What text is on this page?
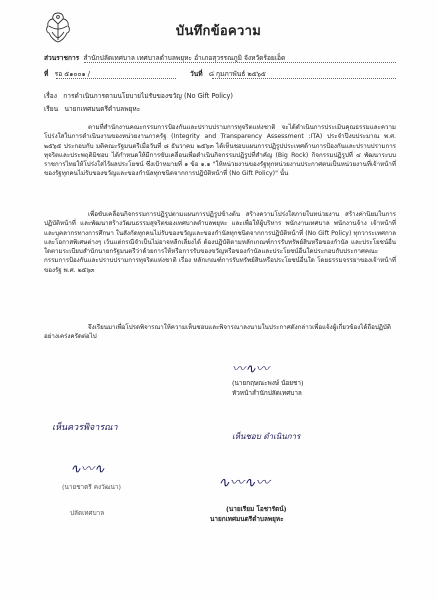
บันทึกข้อความ
ส่วนราชการ สำนักปลัดเทศบาล เทศบาลตำบลพยุหะ อำเภอสุวรรณภูมิ จังหวัดร้อยเอ็ด
ที่ รอ ๕๑๐๐๑ /	วันที่ ๘ กุมภาพันธ์ ๒๕๖๕
เรื่อง การดำเนินการตามนโยบายไม่รับของขวัญ (No Gift Policy)
เรียน นายกเทศมนตรีตำบลพยุหะ

ตามที่สำนักงานคณะกรรมการป้องกันและปราบปรามการทุจริตแห่งชาติ จะได้ดำเนินการประเมินคุณธรรมและความโปร่งใสในการดำเนินงานของหน่วยงานภาครัฐ (Integrity and Transparency Assessment :ITA) ประจำปีงบประมาณ พ.ศ. ๒๕๖๕ ประกอบกับ มติคณะรัฐมนตรีเมื่อวันที่ ๘ ธันวาคม ๒๕๖๓ ได้เห็นชอบแผนการปฏิรูปประเทศด้านการป้องกันและปราบปรามการทุจริตและประพฤติมิชอบ ได้กำหนดให้มีการขับเคลื่อนเพื่อดำเนินกิจกรรมปฏิรูปที่สำคัญ (Big Rock) กิจกรรมปฏิรูปที่ ๔ พัฒนาระบบราชการไทยให้โปร่งใสไร้ผลประโยชน์ ซึ่งเป้าหมายที่ ๑ ข้อ ๑.๑ "ให้หน่วยงานของรัฐทุกหน่วยงานประกาศตนเป็นหน่วยงานที่เจ้าหน้าที่ของรัฐทุกคนไม่รับของขวัญและของกำนัลทุกชนิดจากการปฏิบัติหน้าที่ (No Gift Policy)" นั้น

เพื่อขับเคลื่อนกิจกรรมการปฏิรูปตามแผนการปฏิรูปข้างต้น สร้างความโปร่งใสภายในหน่วยงาน สร้างค่านิยมในการปฏิบัติหน้าที่ และพัฒนาสร้างวัฒนธรรมสุจริตของเทศบาลตำบลพยุหะ และเพื่อให้ผู้บริหาร พนักงานเทศบาล พนักงานจ้าง เจ้าหน้าที่ และบุคลากรทางการศึกษา ในสังกัดทุกคนไม่รับของขวัญและของกำนัลทุกชนิดจากการปฏิบัติหน้าที่ (No Gift Policy) ทุกวาระเทศกาลและโอกาสพิเศษต่างๆ เว้นแต่กรณีจำเป็นไม่อาจหลีกเลี่ยงได้ ต้องปฏิบัติตามหลักเกณฑ์การรับทรัพย์สินหรือของกำนัล และประโยชน์อื่นใดตามระเบียบสำนักนายกรัฐมนตรีว่าด้วยการให้หรือการรับของขวัญหรือของกำนัลและประโยชน์อื่นใดประกอบกับประกาศคณะกรรมการป้องกันและปราบปรามการทุจริตแห่งชาติ เรื่อง หลักเกณฑ์การรับทรัพย์สินหรือประโยชน์อื่นใด โดยธรรมจรรยาของเจ้าหน้าที่ของรัฐ พ.ศ. ๒๕๖๓

จึงเรียนมาเพื่อโปรดพิจารณาให้ความเห็นชอบและพิจารณาลงนามในประกาศดังกล่าวเพื่อแจ้งผู้เกี่ยวข้องได้ถือปฏิบัติอย่างเคร่งครัดต่อไป

〰∿〰
(นายกฤษณะพงษ์ น้อยชา)
หัวหน้าสำนักปลัดเทศบาล
เห็นควรพิจารณา
∿〰∿
(นายชาตรี คงวัฒนา)
ปลัดเทศบาล
เห็นชอบ ดำเนินการ
∿〰∿〰
(นายเรียม โอชารัตน์)
นายกเทศมนตรีตำบลพยุหะ
